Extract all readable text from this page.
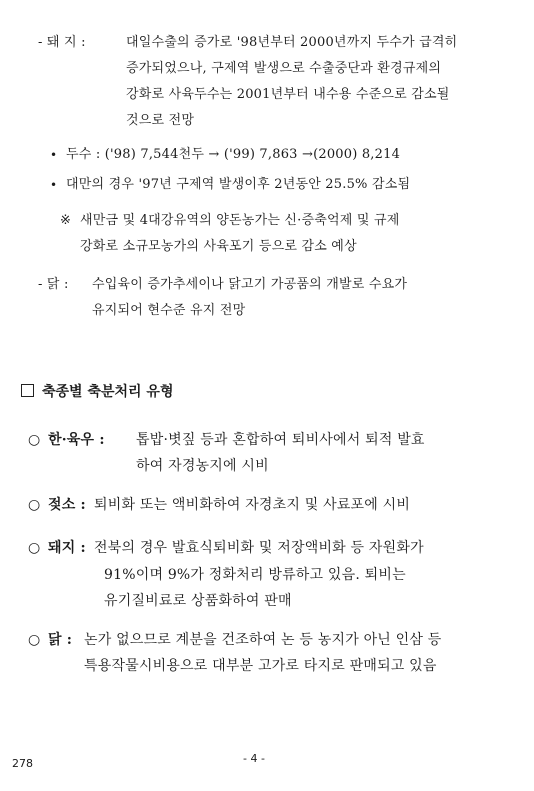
- 돼 지 :	대일수출의 증가로 '98년부터 2000년까지 두수가 급격히
증가되었으나, 구제역 발생으로 수출중단과 환경규제의
강화로 사육두수는 2001년부터 내수용 수준으로 감소될
것으로 전망
• 두수 : ('98) 7,544천두 → ('99) 7,863 →(2000) 8,214
• 대만의 경우 '97년 구제역 발생이후 2년동안 25.5% 감소됨
※ 새만금 및 4대강유역의 양돈농가는 신·증축억제 및 규제
강화로 소규모농가의 사육포기 등으로 감소 예상
- 닭 : 수입육이 증가추세이나 닭고기 가공품의 개발로 수요가
유지되어 현수준 유지 전망
축종별 축분처리 유형
○ 한·육우 : 톱밥·볏짚 등과 혼합하여 퇴비사에서 퇴적 발효
하여 자경농지에 시비
○ 젖소 : 퇴비화 또는 액비화하여 자경초지 및 사료포에 시비
○ 돼지 : 전북의 경우 발효식퇴비화 및 저장액비화 등 자원화가
91%이며 9%가 정화처리 방류하고 있음. 퇴비는
유기질비료로 상품화하여 판매
○ 닭 : 논가 없으므로 계분을 건조하여 논 등 농지가 아닌 인삼 등
특용작물시비용으로 대부분 고가로 타지로 판매되고 있음
278	- 4 -
